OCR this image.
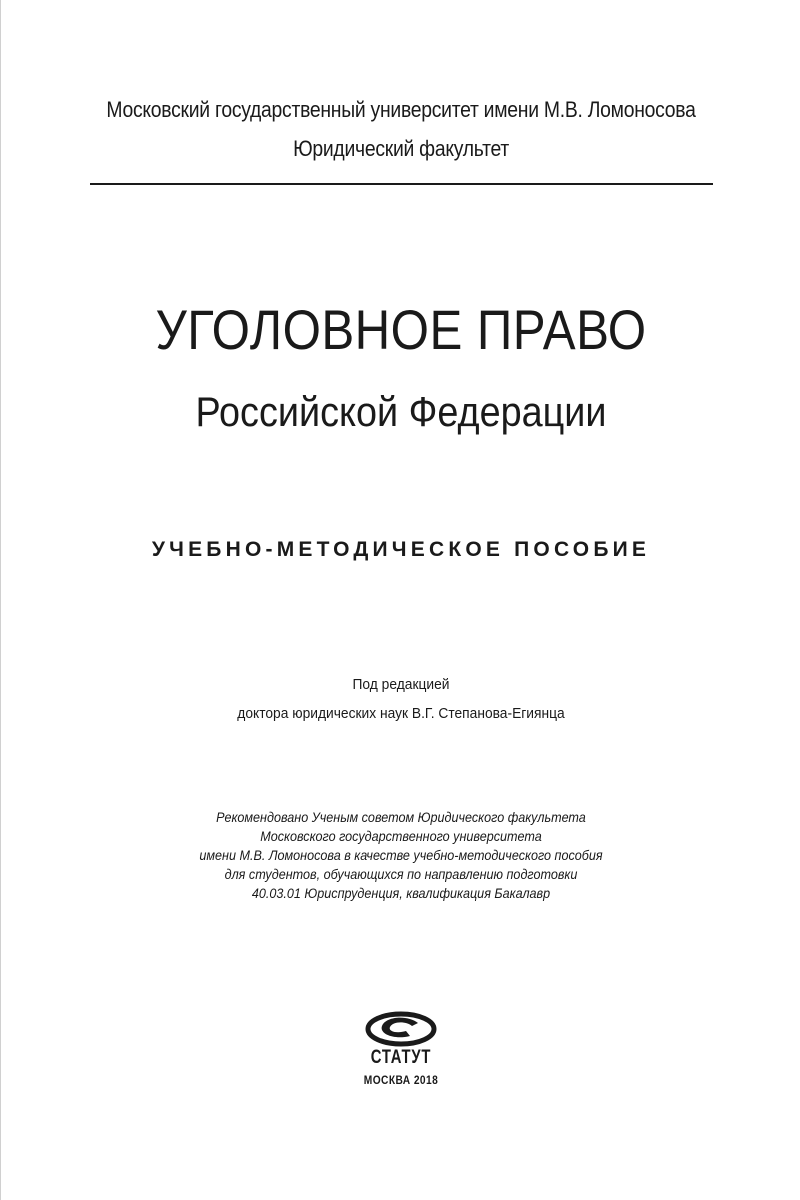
Московский государственный университет имени М.В. Ломоносова
Юридический факультет
УГОЛОВНОЕ ПРАВО
Российской Федерации
УЧЕБНО-МЕТОДИЧЕСКОЕ ПОСОБИЕ
Под редакцией
доктора юридических наук В.Г. Степанова-Егиянца
Рекомендовано Ученым советом Юридического факультета
Московского государственного университета
имени М.В. Ломоносова в качестве учебно-методического пособия
для студентов, обучающихся по направлению подготовки
40.03.01 Юриспруденция, квалификация Бакалавр
СТАТУТ
МОСКВА 2018
